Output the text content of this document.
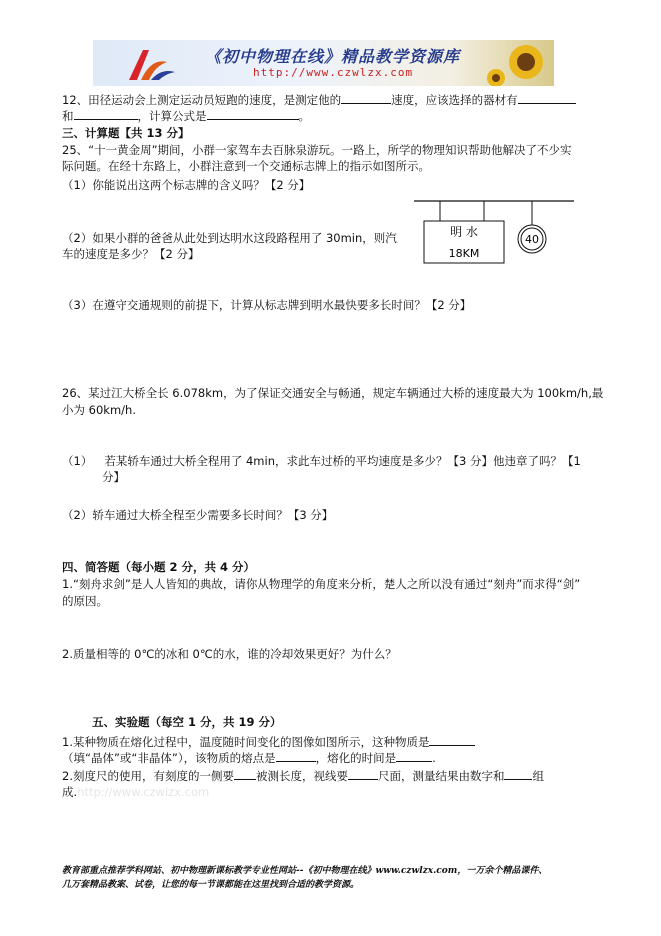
《初中物理在线》精品教学资源库
http://www.czwlzx.com
12、田径运动会上测定运动员短跑的速度，是测定他的	速度，应该选择的器材有
和	，计算公式是	。
三、计算题【共 13 分】
25、“十一黄金周”期间，小群一家驾车去百脉泉游玩。一路上，所学的物理知识帮助他解决了不少实
际问题。在经十东路上，小群注意到一个交通标志牌上的指示如图所示。
（1）你能说出这两个标志牌的含义吗？【2 分】
（2）如果小群的爸爸从此处到达明水这段路程用了 30min，则汽
车的速度是多少？【2 分】
（3）在遵守交通规则的前提下，计算从标志牌到明水最快要多长时间？【2 分】
明 水
18KM
40
26、某过江大桥全长 6.078km，为了保证交通安全与畅通，规定车辆通过大桥的速度最大为 100km/h,最
小为 60km/h.
（1） 若某轿车通过大桥全程用了 4min，求此车过桥的平均速度是多少？【3 分】他违章了吗？【1
分】
（2）轿车通过大桥全程至少需要多长时间？【3 分】
四、简答题（每小题 2 分，共 4 分）
1.“刻舟求剑”是人人皆知的典故，请你从物理学的角度来分析，楚人之所以没有通过“刻舟”而求得“剑”
的原因。
2.质量相等的 0℃的冰和 0℃的水，谁的冷却效果更好？为什么？
五、实验题（每空 1 分，共 19 分）
1.某种物质在熔化过程中，温度随时间变化的图像如图所示，这种物质是
（填“晶体”或“非晶体”），该物质的熔点是	，熔化的时间是	.
2.刻度尺的使用，有刻度的一侧要 被测长度，视线要	尺面，测量结果由数字和 组
成.http://www.czwlzx.com
教育部重点推荐学科网站、初中物理新课标教学专业性网站--《初中物理在线》www.czwlzx.com，一万余个精品课件、
几万套精品教案、试卷，让您的每一节课都能在这里找到合适的教学资源。
